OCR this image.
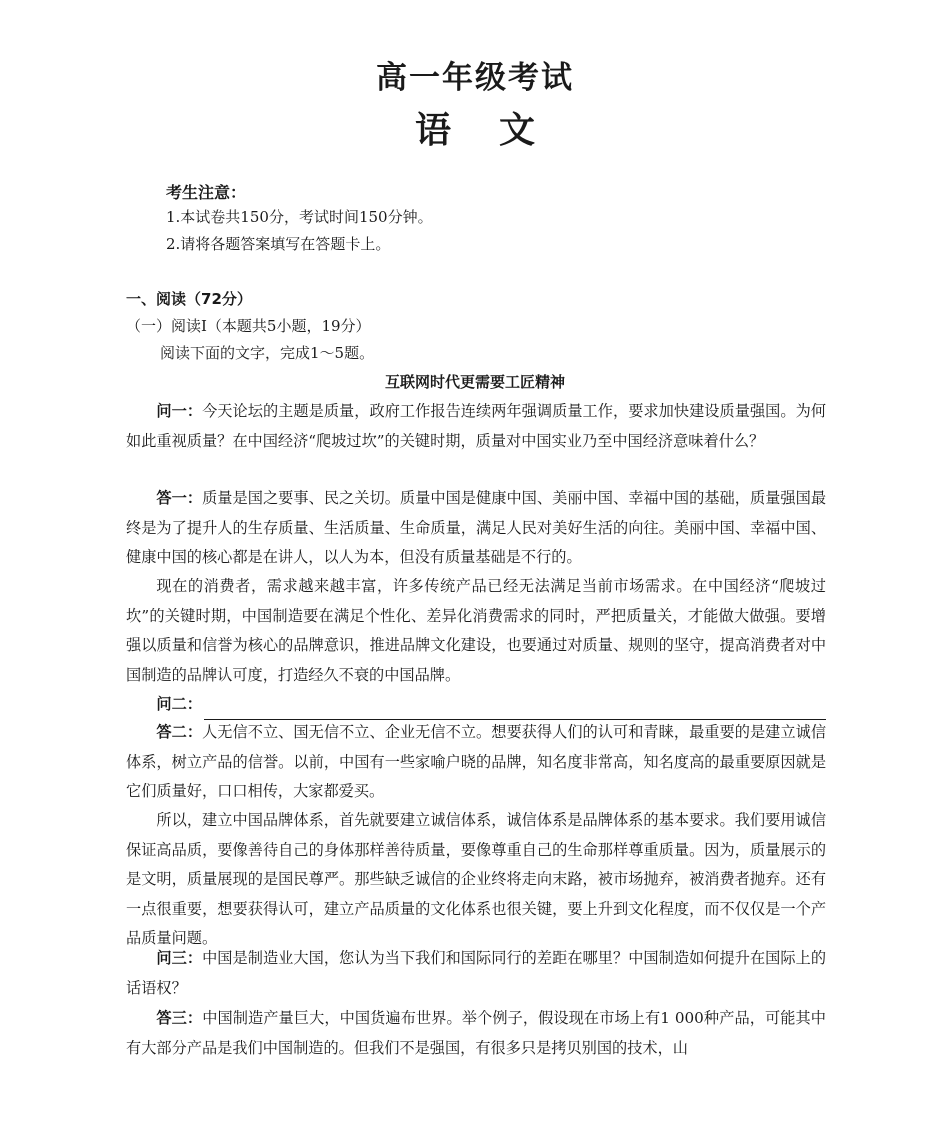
高一年级考试
语文
考生注意：
1.本试卷共150分，考试时间150分钟。
2.请将各题答案填写在答题卡上。
一、阅读（72分）
（一）阅读Ⅰ（本题共5小题，19分）
阅读下面的文字，完成1～5题。
互联网时代更需要工匠精神
问一：今天论坛的主题是质量，政府工作报告连续两年强调质量工作，要求加快建设质量强国。为何如此重视质量？在中国经济“爬坡过坎”的关键时期，质量对中国实业乃至中国经济意味着什么？
答一：质量是国之要事、民之关切。质量中国是健康中国、美丽中国、幸福中国的基础，质量强国最终是为了提升人的生存质量、生活质量、生命质量，满足人民对美好生活的向往。美丽中国、幸福中国、健康中国的核心都是在讲人，以人为本，但没有质量基础是不行的。
现在的消费者，需求越来越丰富，许多传统产品已经无法满足当前市场需求。在中国经济“爬坡过坎”的关键时期，中国制造要在满足个性化、差异化消费需求的同时，严把质量关，才能做大做强。要增强以质量和信誉为核心的品牌意识，推进品牌文化建设，也要通过对质量、规则的坚守，提高消费者对中国制造的品牌认可度，打造经久不衰的中国品牌。
问二：
答二：人无信不立、国无信不立、企业无信不立。想要获得人们的认可和青睐，最重要的是建立诚信体系，树立产品的信誉。以前，中国有一些家喻户晓的品牌，知名度非常高，知名度高的最重要原因就是它们质量好，口口相传，大家都爱买。
所以，建立中国品牌体系，首先就要建立诚信体系，诚信体系是品牌体系的基本要求。我们要用诚信保证高品质，要像善待自己的身体那样善待质量，要像尊重自己的生命那样尊重质量。因为，质量展示的是文明，质量展现的是国民尊严。那些缺乏诚信的企业终将走向末路，被市场抛弃，被消费者抛弃。还有一点很重要，想要获得认可，建立产品质量的文化体系也很关键，要上升到文化程度，而不仅仅是一个产品质量问题。
问三：中国是制造业大国，您认为当下我们和国际同行的差距在哪里？中国制造如何提升在国际上的话语权？
答三：中国制造产量巨大，中国货遍布世界。举个例子，假设现在市场上有1 000种产品，可能其中有大部分产品是我们中国制造的。但我们不是强国，有很多只是拷贝别国的技术，山
